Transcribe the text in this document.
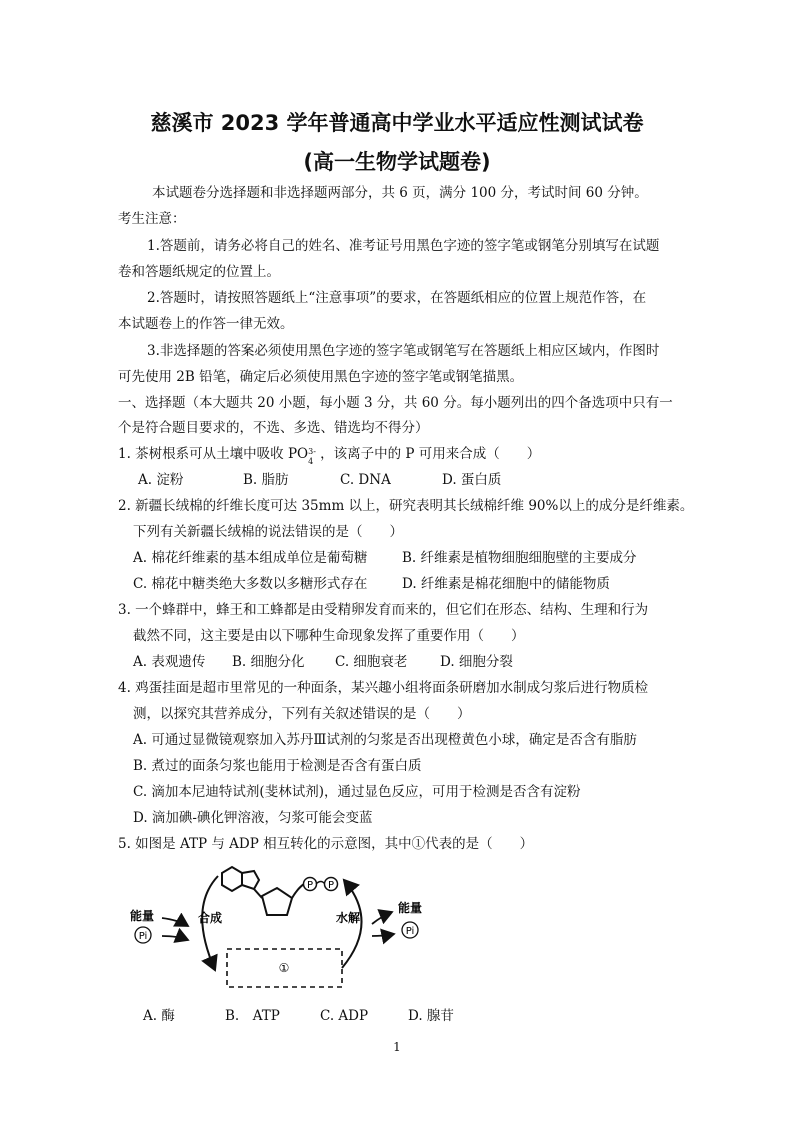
慈溪市 2023 学年普通高中学业水平适应性测试试卷
(高一生物学试题卷)
本试题卷分选择题和非选择题两部分，共 6 页，满分 100 分，考试时间 60 分钟。
考生注意：
1.答题前，请务必将自己的姓名、准考证号用黑色字迹的签字笔或钢笔分别填写在试题
卷和答题纸规定的位置上。
2.答题时，请按照答题纸上“注意事项”的要求，在答题纸相应的位置上规范作答，在
本试题卷上的作答一律无效。
3.非选择题的答案必须使用黑色字迹的签字笔或钢笔写在答题纸上相应区域内，作图时
可先使用 2B 铅笔，确定后必须使用黑色字迹的签字笔或钢笔描黑。
一、选择题（本大题共 20 小题，每小题 3 分，共 60 分。每小题列出的四个备选项中只有一
个是符合题目要求的，不选、多选、错选均不得分）
1. 茶树根系可从土壤中吸收 PO 3-
4 ，该离子中的 P 可用来合成（　　）
A. 淀粉	B. 脂肪	C. DNA	D. 蛋白质
2. 新疆长绒棉的纤维长度可达 35mm 以上，研究表明其长绒棉纤维 90%以上的成分是纤维素。
下列有关新疆长绒棉的说法错误的是（　　）
A. 棉花纤维素的基本组成单位是葡萄糖	B. 纤维素是植物细胞细胞壁的主要成分
C. 棉花中糖类绝大多数以多糖形式存在	D. 纤维素是棉花细胞中的储能物质
3. 一个蜂群中，蜂王和工蜂都是由受精卵发育而来的，但它们在形态、结构、生理和行为
截然不同，这主要是由以下哪种生命现象发挥了重要作用（　　）
A. 表观遗传 B. 细胞分化 C. 细胞衰老 D. 细胞分裂
4. 鸡蛋挂面是超市里常见的一种面条，某兴趣小组将面条研磨加水制成匀浆后进行物质检
测，以探究其营养成分，下列有关叙述错误的是（　　）
A. 可通过显微镜观察加入苏丹Ⅲ试剂的匀浆是否出现橙黄色小球，确定是否含有脂肪
B. 煮过的面条匀浆也能用于检测是否含有蛋白质
C. 滴加本尼迪特试剂(斐林试剂)，通过显色反应，可用于检测是否含有淀粉
D. 滴加碘-碘化钾溶液，匀浆可能会变蓝
5. 如图是 ATP 与 ADP 相互转化的示意图，其中①代表的是（　　）
P P
能量
Pi
合成	水解
能量
Pi
①
A. 酶	B.　ATP	C. ADP	D. 腺苷
1
